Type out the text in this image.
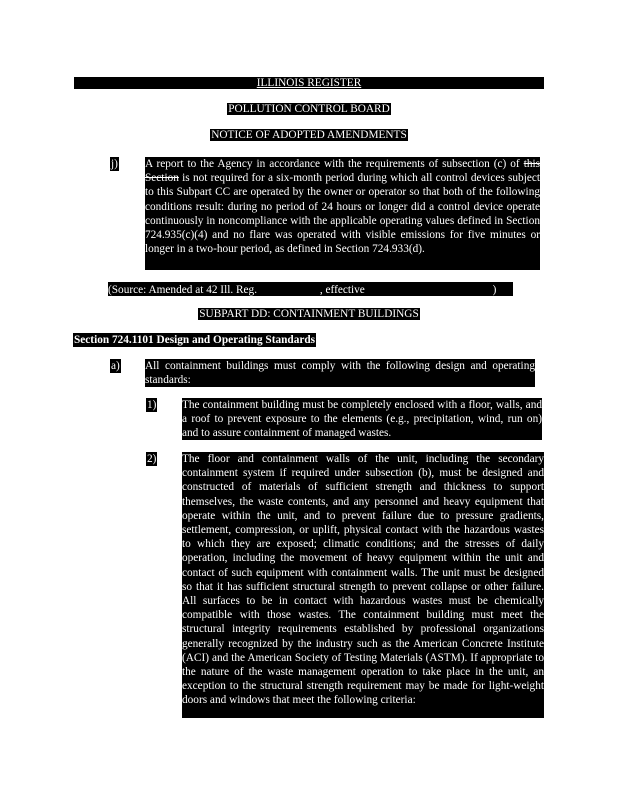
ILLINOIS REGISTER
POLLUTION CONTROL BOARD
NOTICE OF ADOPTED AMENDMENTS
j) A report to the Agency in accordance with the requirements of subsection (c) of this Section is not required for a six-month period during which all control devices subject to this Subpart CC are operated by the owner or operator so that both of the following conditions result: during no period of 24 hours or longer did a control device operate continuously in noncompliance with the applicable operating values defined in Section 724.935(c)(4) and no flare was operated with visible emissions for five minutes or longer in a two-hour period, as defined in Section 724.933(d).

(Source: Amended at 42 Ill. Reg.	, effective	)
SUBPART DD: CONTAINMENT BUILDINGS
Section 724.1101 Design and Operating Standards
a) All containment buildings must comply with the following design and operating standards:

1) The containment building must be completely enclosed with a floor, walls, and a roof to prevent exposure to the elements (e.g., precipitation, wind, run on) and to assure containment of managed wastes.

2) The floor and containment walls of the unit, including the secondary containment system if required under subsection (b), must be designed and constructed of materials of sufficient strength and thickness to support themselves, the waste contents, and any personnel and heavy equipment that operate within the unit, and to prevent failure due to pressure gradients, settlement, compression, or uplift, physical contact with the hazardous wastes to which they are exposed; climatic conditions; and the stresses of daily operation, including the movement of heavy equipment within the unit and contact of such equipment with containment walls. The unit must be designed so that it has sufficient structural strength to prevent collapse or other failure. All surfaces to be in contact with hazardous wastes must be chemically compatible with those wastes. The containment building must meet the structural integrity requirements established by professional organizations generally recognized by the industry such as the American Concrete Institute (ACI) and the American Society of Testing Materials (ASTM). If appropriate to the nature of the waste management operation to take place in the unit, an exception to the structural strength requirement may be made for light-weight doors and windows that meet the following criteria:
